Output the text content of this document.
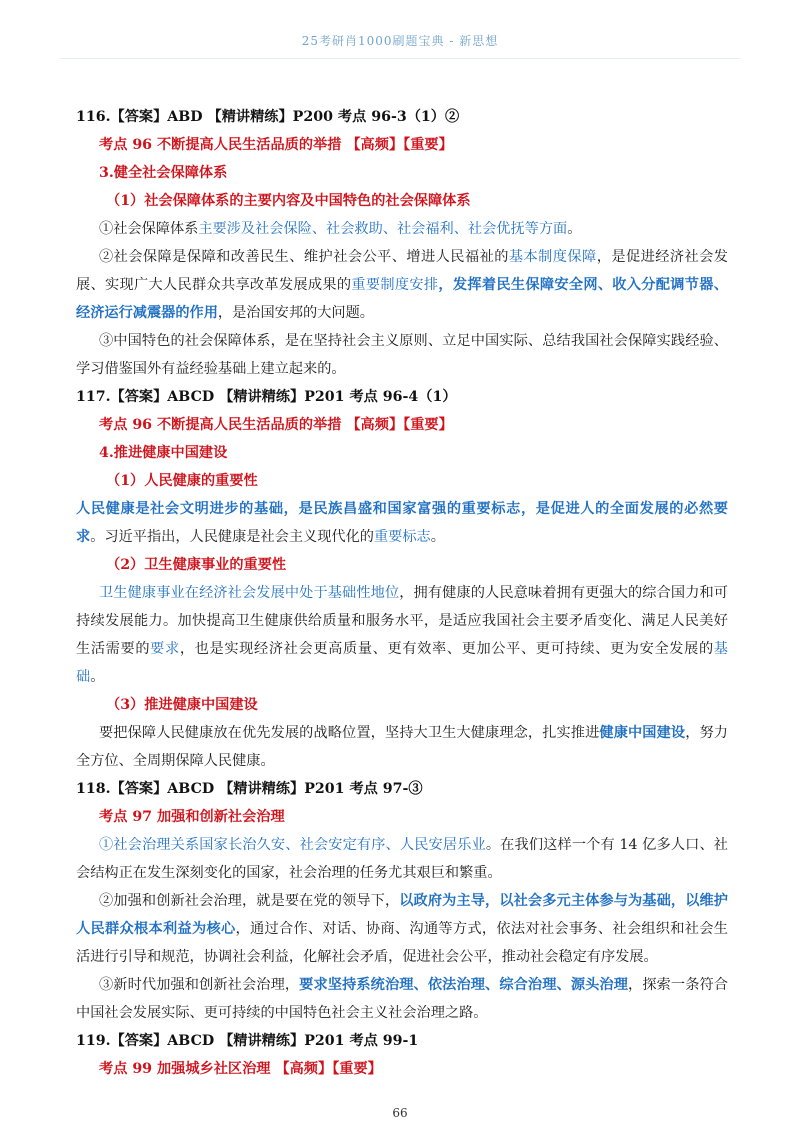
25考研肖1000刷题宝典 - 新思想
116.【答案】ABD 【精讲精练】P200 考点 96-3（1）②
考点 96 不断提高人民生活品质的举措 【高频】【重要】
3.健全社会保障体系
（1）社会保障体系的主要内容及中国特色的社会保障体系
①社会保障体系主要涉及社会保险、社会救助、社会福利、社会优抚等方面。
②社会保障是保障和改善民生、维护社会公平、增进人民福祉的基本制度保障，是促进经济社会发展、实现广大人民群众共享改革发展成果的重要制度安排，发挥着民生保障安全网、收入分配调节器、经济运行减震器的作用，是治国安邦的大问题。
③中国特色的社会保障体系，是在坚持社会主义原则、立足中国实际、总结我国社会保障实践经验、学习借鉴国外有益经验基础上建立起来的。
117.【答案】ABCD 【精讲精练】P201 考点 96-4（1）
考点 96 不断提高人民生活品质的举措 【高频】【重要】
4.推进健康中国建设
（1）人民健康的重要性
人民健康是社会文明进步的基础，是民族昌盛和国家富强的重要标志，是促进人的全面发展的必然要求。习近平指出，人民健康是社会主义现代化的重要标志。
（2）卫生健康事业的重要性
卫生健康事业在经济社会发展中处于基础性地位，拥有健康的人民意味着拥有更强大的综合国力和可持续发展能力。加快提高卫生健康供给质量和服务水平，是适应我国社会主要矛盾变化、满足人民美好生活需要的要求，也是实现经济社会更高质量、更有效率、更加公平、更可持续、更为安全发展的基础。
（3）推进健康中国建设
要把保障人民健康放在优先发展的战略位置，坚持大卫生大健康理念，扎实推进健康中国建设，努力全方位、全周期保障人民健康。
118.【答案】ABCD 【精讲精练】P201 考点 97-③
考点 97 加强和创新社会治理
①社会治理关系国家长治久安、社会安定有序、人民安居乐业。在我们这样一个有 14 亿多人口、社会结构正在发生深刻变化的国家，社会治理的任务尤其艰巨和繁重。
②加强和创新社会治理，就是要在党的领导下，以政府为主导，以社会多元主体参与为基础，以维护人民群众根本利益为核心，通过合作、对话、协商、沟通等方式，依法对社会事务、社会组织和社会生活进行引导和规范，协调社会利益，化解社会矛盾，促进社会公平，推动社会稳定有序发展。
③新时代加强和创新社会治理，要求坚持系统治理、依法治理、综合治理、源头治理，探索一条符合中国社会发展实际、更可持续的中国特色社会主义社会治理之路。
119.【答案】ABCD 【精讲精练】P201 考点 99-1
考点 99 加强城乡社区治理 【高频】【重要】
66
